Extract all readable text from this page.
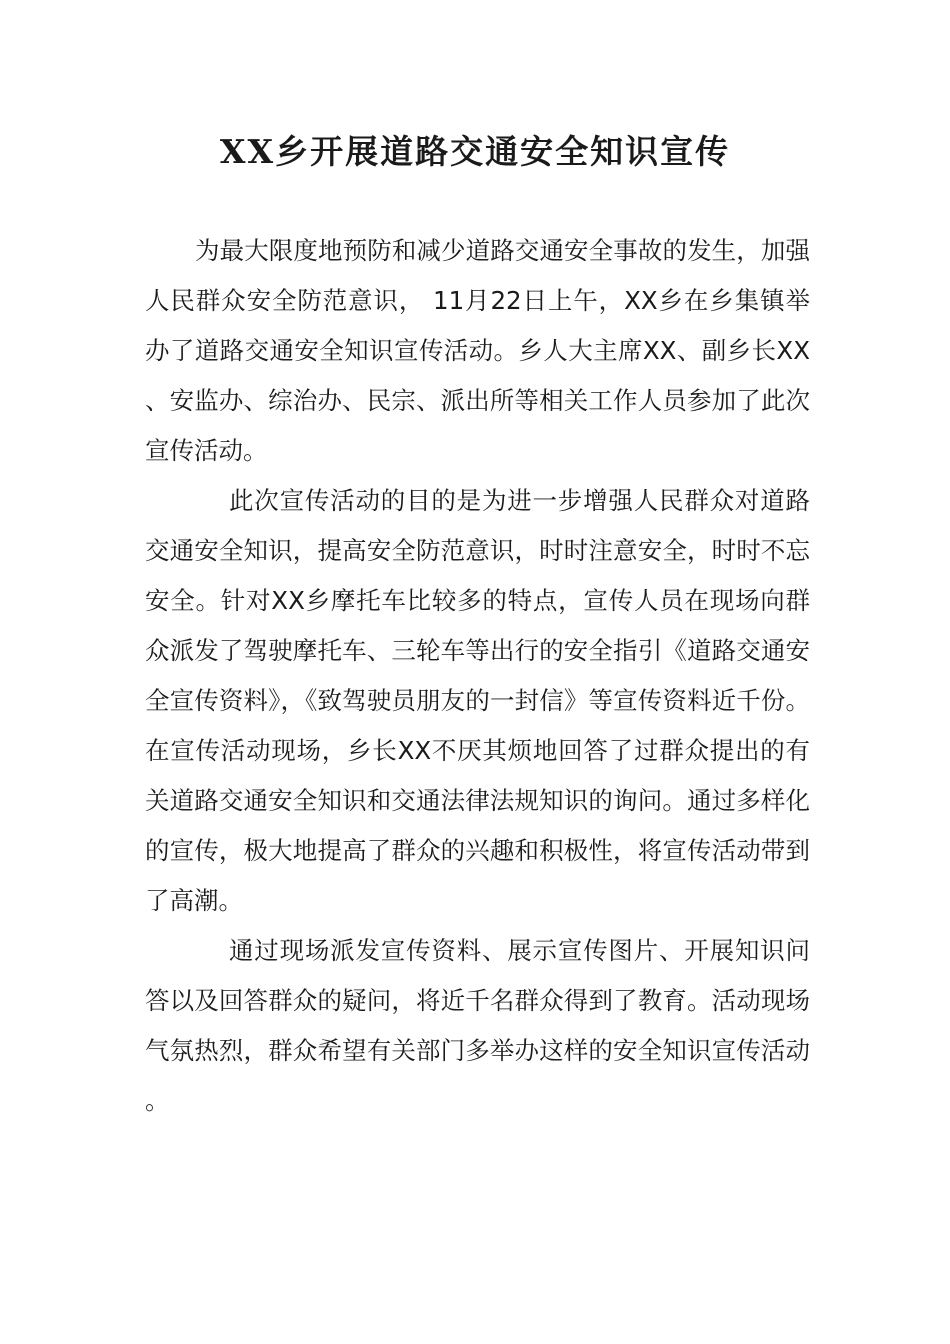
XX乡开展道路交通安全知识宣传

为最大限度地预防和减少道路交通安全事故的发生，加强人民群众安全防范意识， 11月22日上午，XX乡在乡集镇举办了道路交通安全知识宣传活动。乡人大主席XX、副乡长XX、安监办、综治办、民宗、派出所等相关工作人员参加了此次宣传活动。

此次宣传活动的目的是为进一步增强人民群众对道路交通安全知识，提高安全防范意识，时时注意安全，时时不忘安全。针对XX乡摩托车比较多的特点，宣传人员在现场向群众派发了驾驶摩托车、三轮车等出行的安全指引《道路交通安全宣传资料》，《致驾驶员朋友的一封信》等宣传资料近千份。在宣传活动现场，乡长XX不厌其烦地回答了过群众提出的有关道路交通安全知识和交通法律法规知识的询问。通过多样化的宣传，极大地提高了群众的兴趣和积极性，将宣传活动带到了高潮。

通过现场派发宣传资料、展示宣传图片、开展知识问答以及回答群众的疑问，将近千名群众得到了教育。活动现场气氛热烈，群众希望有关部门多举办这样的安全知识宣传活动。
